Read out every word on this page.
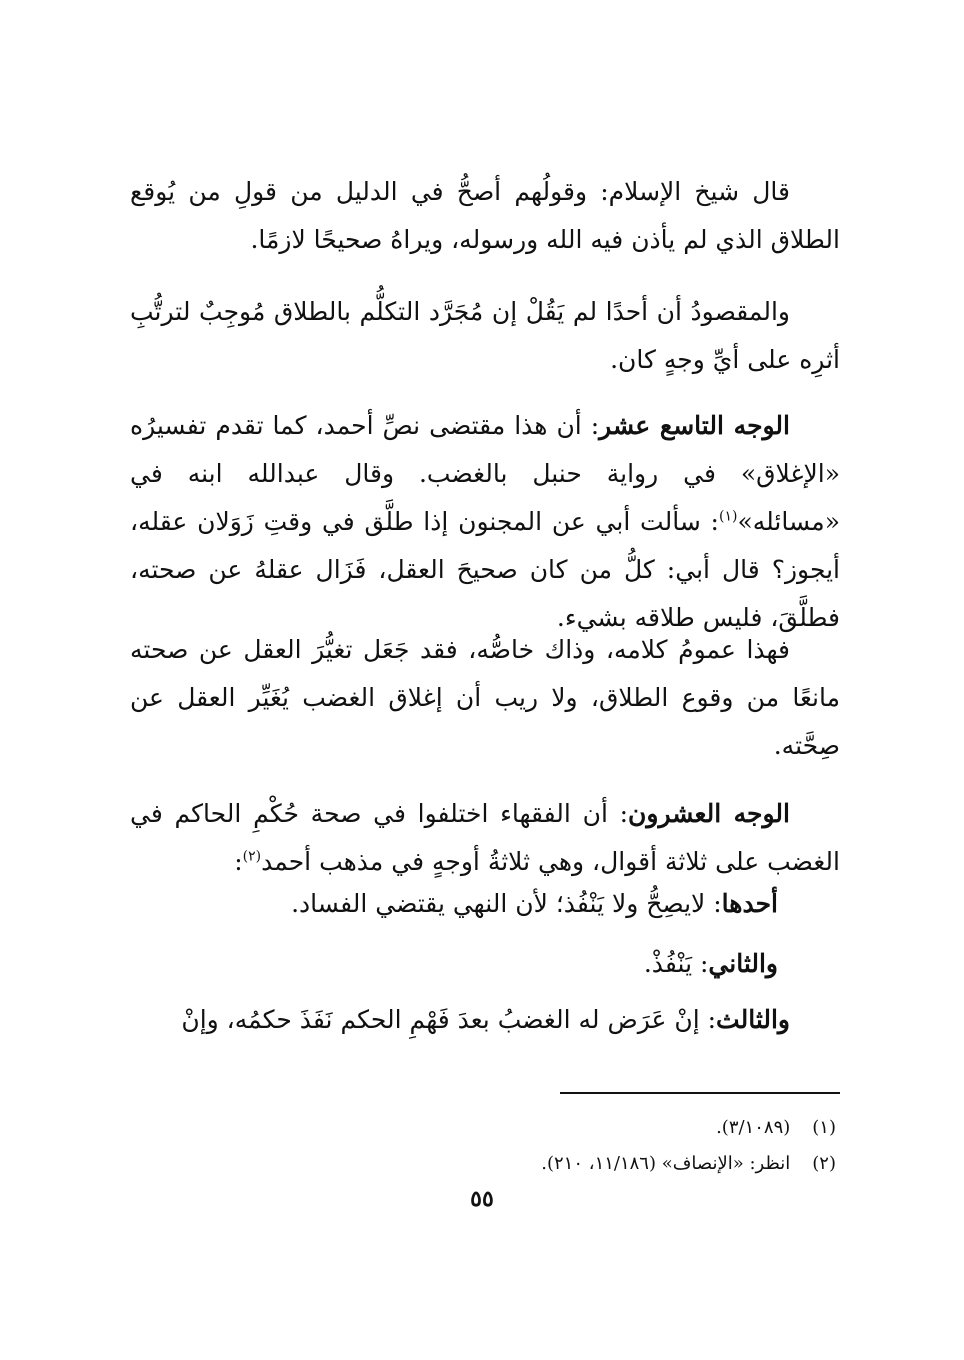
قال شيخ الإسلام: وقولُهم أصحُّ في الدليل من قولِ من يُوقع الطلاق الذي لم يأذن فيه الله ورسوله، ويراهُ صحيحًا لازمًا.

والمقصودُ أن أحدًا لم يَقُلْ إن مُجَرَّد التكلُّم بالطلاق مُوجِبٌ لترتُّبِ أثرِه على أيِّ وجهٍ كان.

الوجه التاسع عشر: أن هذا مقتضى نصِّ أحمد، كما تقدم تفسيرُه «الإغلاق» في رواية حنبل بالغضب. وقال عبدالله ابنه في «مسائله»$^{(١)}$: سألت أبي عن المجنون إذا طلَّق في وقتِ زَوَلان عقله، أيجوز؟ قال أبي: كلُّ من كان صحيحَ العقل، فَزَال عقلهُ عن صحته، فطلَّقَ، فليس طلاقه بشيء.

فهذا عمومُ كلامه، وذاك خاصُّه، فقد جَعَل تغيُّرَ العقل عن صحته مانعًا من وقوع الطلاق، ولا ريب أن إغلاق الغضب يُغَيِّر العقل عن صِحَّته.

الوجه العشرون: أن الفقهاء اختلفوا في صحة حُكْمِ الحاكم في الغضب على ثلاثة أقوال، وهي ثلاثةُ أوجهٍ في مذهب أحمد$^{(٢)}$:

أحدها: لايصِحُّ ولا يَنْفُذ؛ لأن النهي يقتضي الفساد.

والثاني: يَنْفُذْ.

والثالث: إنْ عَرَض له الغضبُ بعدَ فَهْمِ الحكم نَفَذَ حكمُه، وإنْ

(١)(٣/١٠٨٩).
(٢)انظر: «الإنصاف» (١١/١٨٦، ٢١٠).
٥٥
